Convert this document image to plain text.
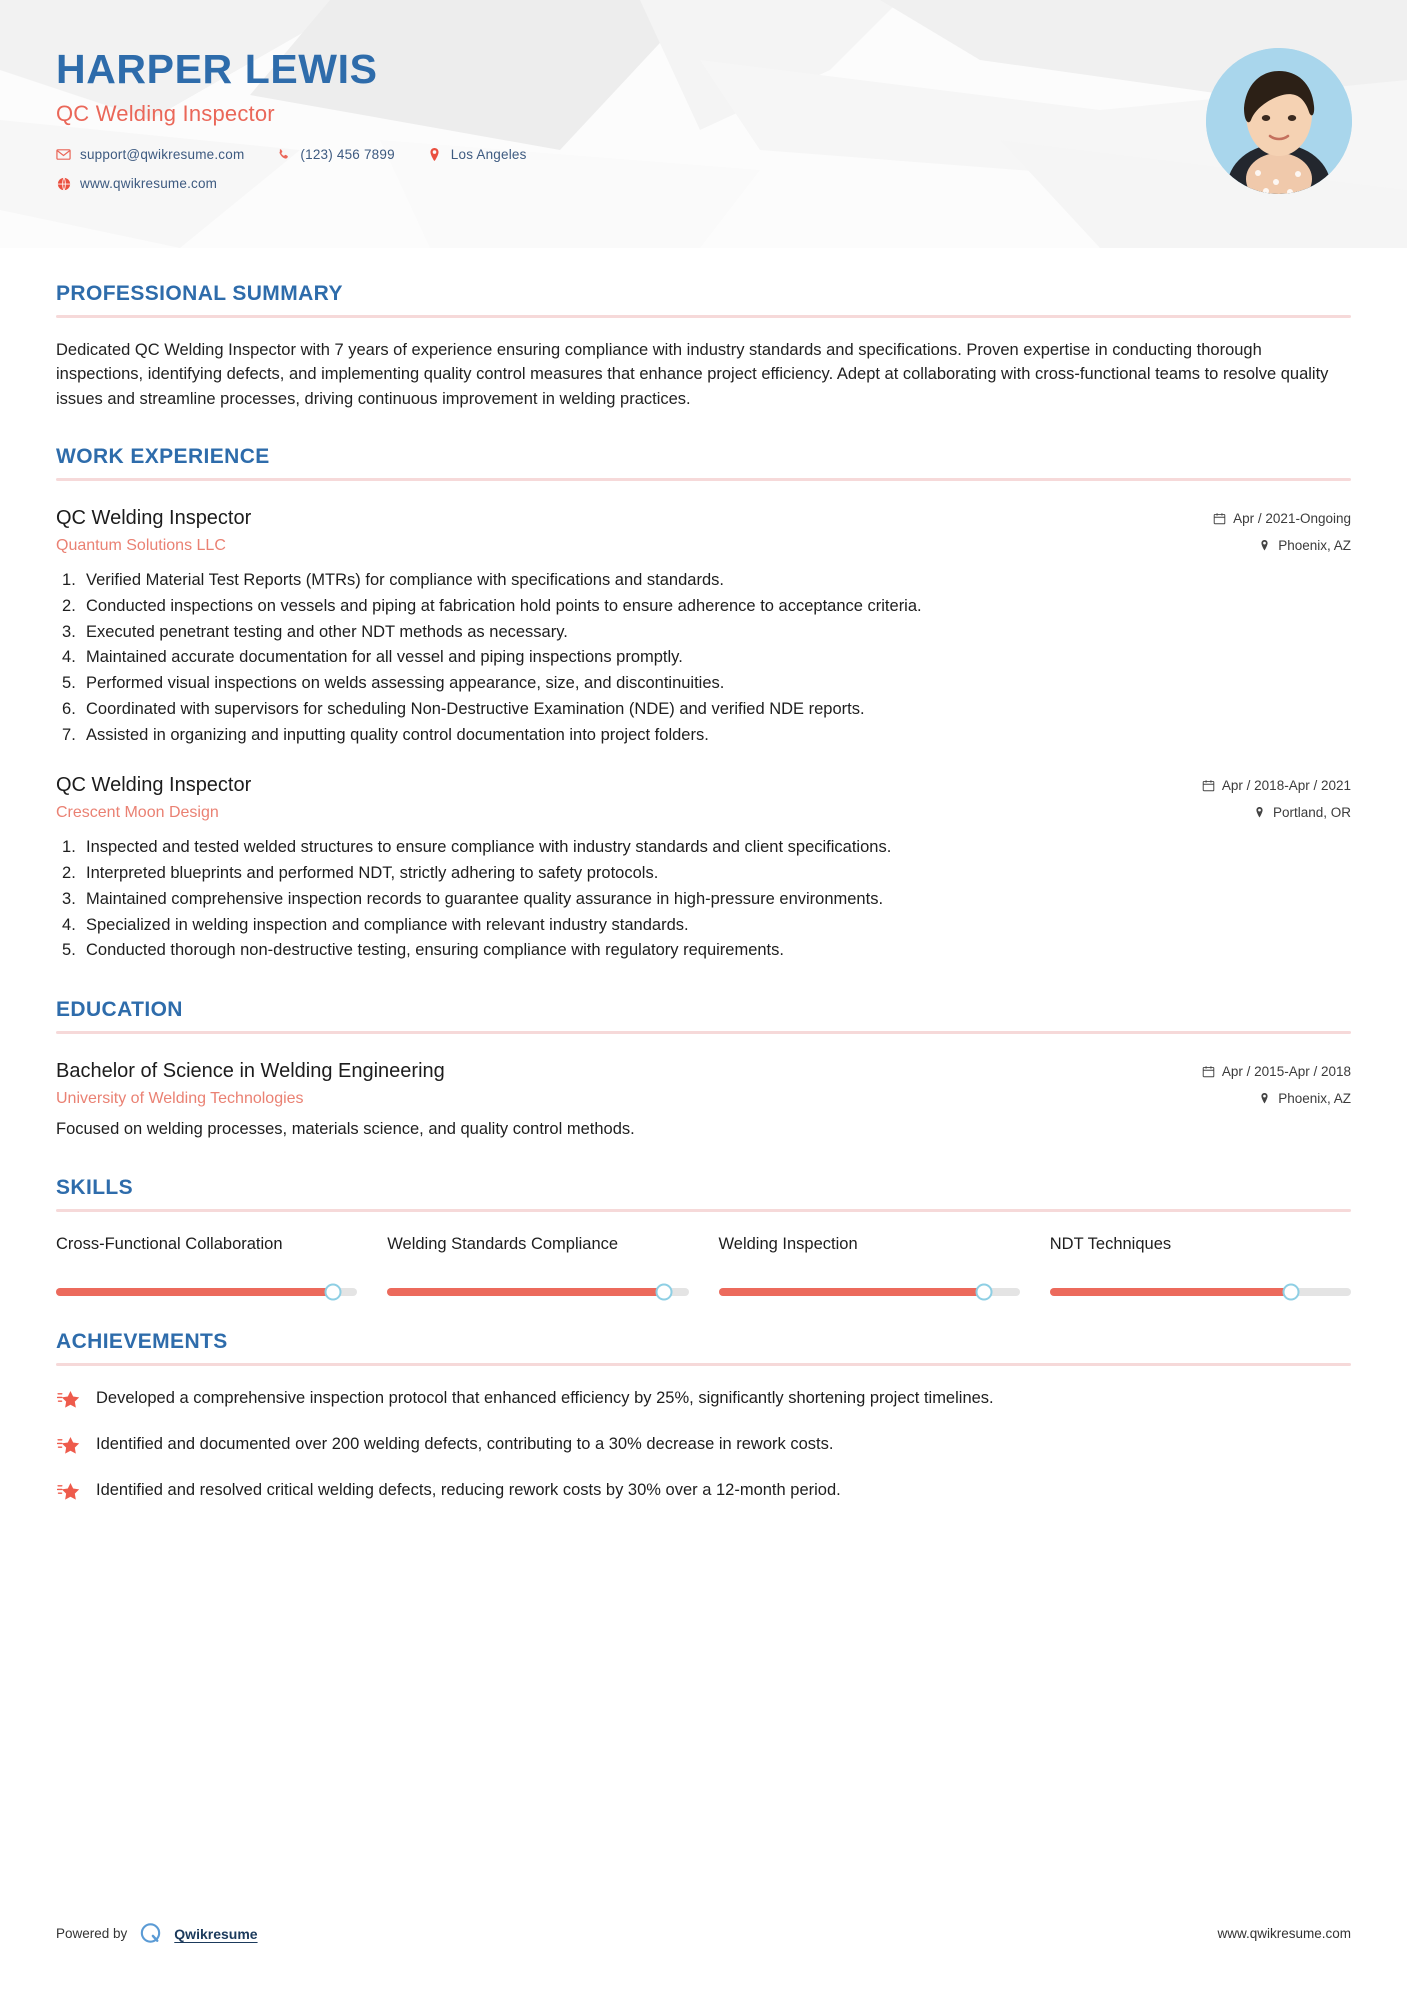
HARPER LEWIS
QC Welding Inspector
support@qwikresume.com	(123) 456 7899	Los Angeles
www.qwikresume.com
PROFESSIONAL SUMMARY
Dedicated QC Welding Inspector with 7 years of experience ensuring compliance with industry standards and specifications. Proven expertise in conducting thorough inspections, identifying defects, and implementing quality control measures that enhance project efficiency. Adept at collaborating with cross-functional teams to resolve quality issues and streamline processes, driving continuous improvement in welding practices.
WORK EXPERIENCE
QC Welding Inspector
Quantum Solutions LLC
Apr / 2021-Ongoing
Phoenix, AZ
Verified Material Test Reports (MTRs) for compliance with specifications and standards.
Conducted inspections on vessels and piping at fabrication hold points to ensure adherence to acceptance criteria.
Executed penetrant testing and other NDT methods as necessary.
Maintained accurate documentation for all vessel and piping inspections promptly.
Performed visual inspections on welds assessing appearance, size, and discontinuities.
Coordinated with supervisors for scheduling Non-Destructive Examination (NDE) and verified NDE reports.
Assisted in organizing and inputting quality control documentation into project folders.
QC Welding Inspector
Crescent Moon Design
Apr / 2018-Apr / 2021
Portland, OR
Inspected and tested welded structures to ensure compliance with industry standards and client specifications.
Interpreted blueprints and performed NDT, strictly adhering to safety protocols.
Maintained comprehensive inspection records to guarantee quality assurance in high-pressure environments.
Specialized in welding inspection and compliance with relevant industry standards.
Conducted thorough non-destructive testing, ensuring compliance with regulatory requirements.
EDUCATION
Bachelor of Science in Welding Engineering
University of Welding Technologies
Apr / 2015-Apr / 2018
Phoenix, AZ
Focused on welding processes, materials science, and quality control methods.
SKILLS
Cross-Functional Collaboration	Welding Standards Compliance	Welding Inspection	NDT Techniques
ACHIEVEMENTS
Developed a comprehensive inspection protocol that enhanced efficiency by 25%, significantly shortening project timelines.
Identified and documented over 200 welding defects, contributing to a 30% decrease in rework costs.
Identified and resolved critical welding defects, reducing rework costs by 30% over a 12-month period.
Powered by	Qwikresume	www.qwikresume.com
